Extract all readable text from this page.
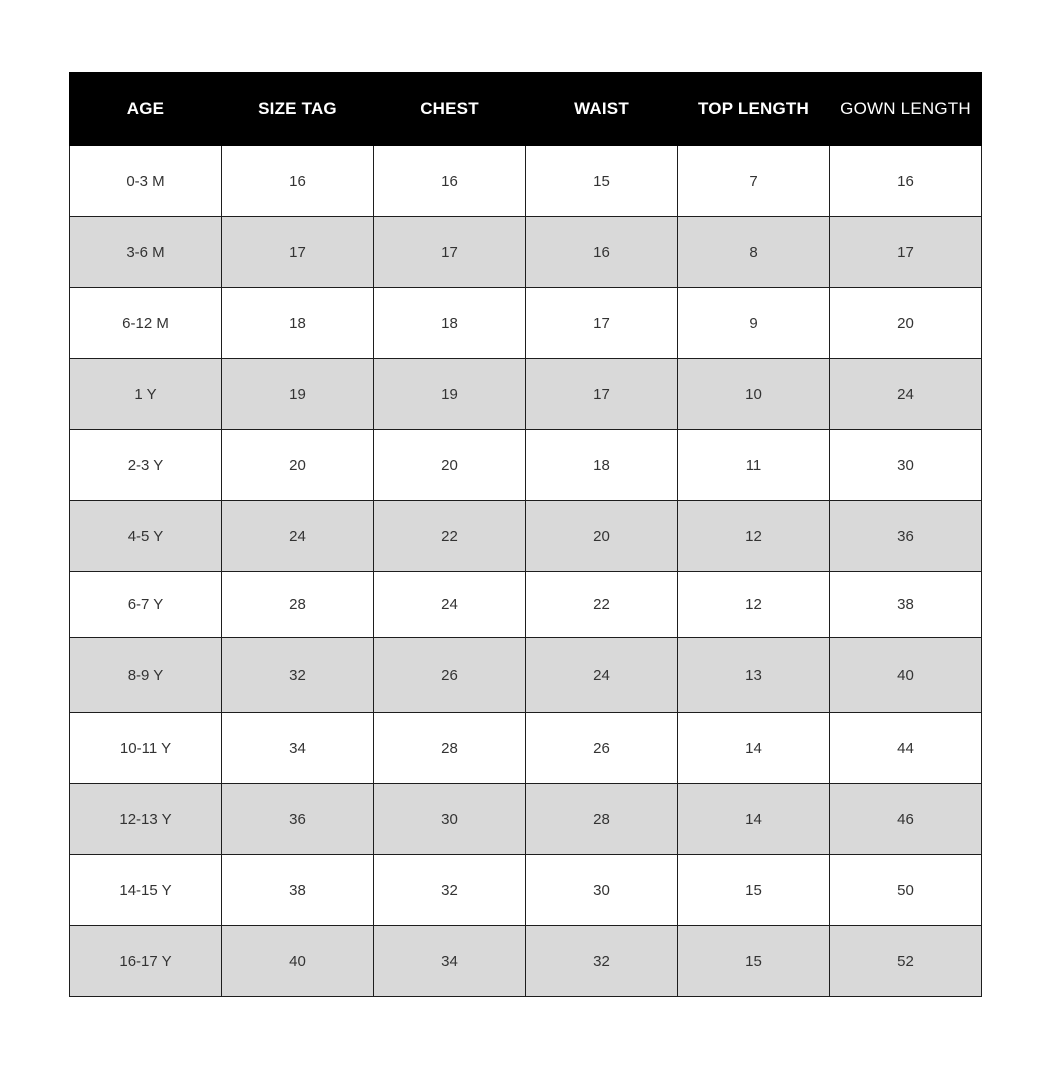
AGE	SIZE TAG	CHEST	WAIST	TOP LENGTH	GOWN LENGTH
0-3 M	16	16	15	7	16
3-6 M	17	17	16	8	17
6-12 M	18	18	17	9	20
1 Y	19	19	17	10	24
2-3 Y	20	20	18	11	30
4-5 Y	24	22	20	12	36
6-7 Y	28	24	22	12	38
8-9 Y	32	26	24	13	40
10-11 Y	34	28	26	14	44
12-13 Y	36	30	28	14	46
14-15 Y	38	32	30	15	50
16-17 Y	40	34	32	15	52
